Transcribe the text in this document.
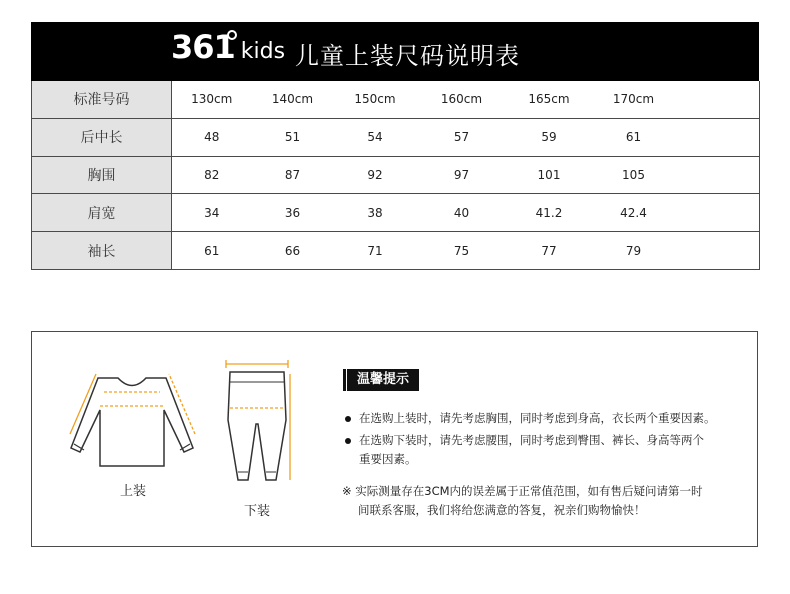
361 kids 儿童上装尺码说明表
标准号码	130cm	140cm	150cm	160cm	165cm	170cm	
后中长	48	51	54	57	59	61	
胸围	82	87	92	97	101	105	
肩宽	34	36	38	40	41.2	42.4	
袖长	61	66	71	75	77	79	
上装
下装
温馨提示
在选购上装时，请先考虑胸围，同时考虑到身高，衣长两个重要因素。
在选购下装时，请先考虑腰围，同时考虑到臀围、裤长、身高等两个
重要因素。
※ 实际测量存在3CM内的误差属于正常值范围，如有售后疑问请第一时
间联系客服，我们将给您满意的答复，祝亲们购物愉快！
